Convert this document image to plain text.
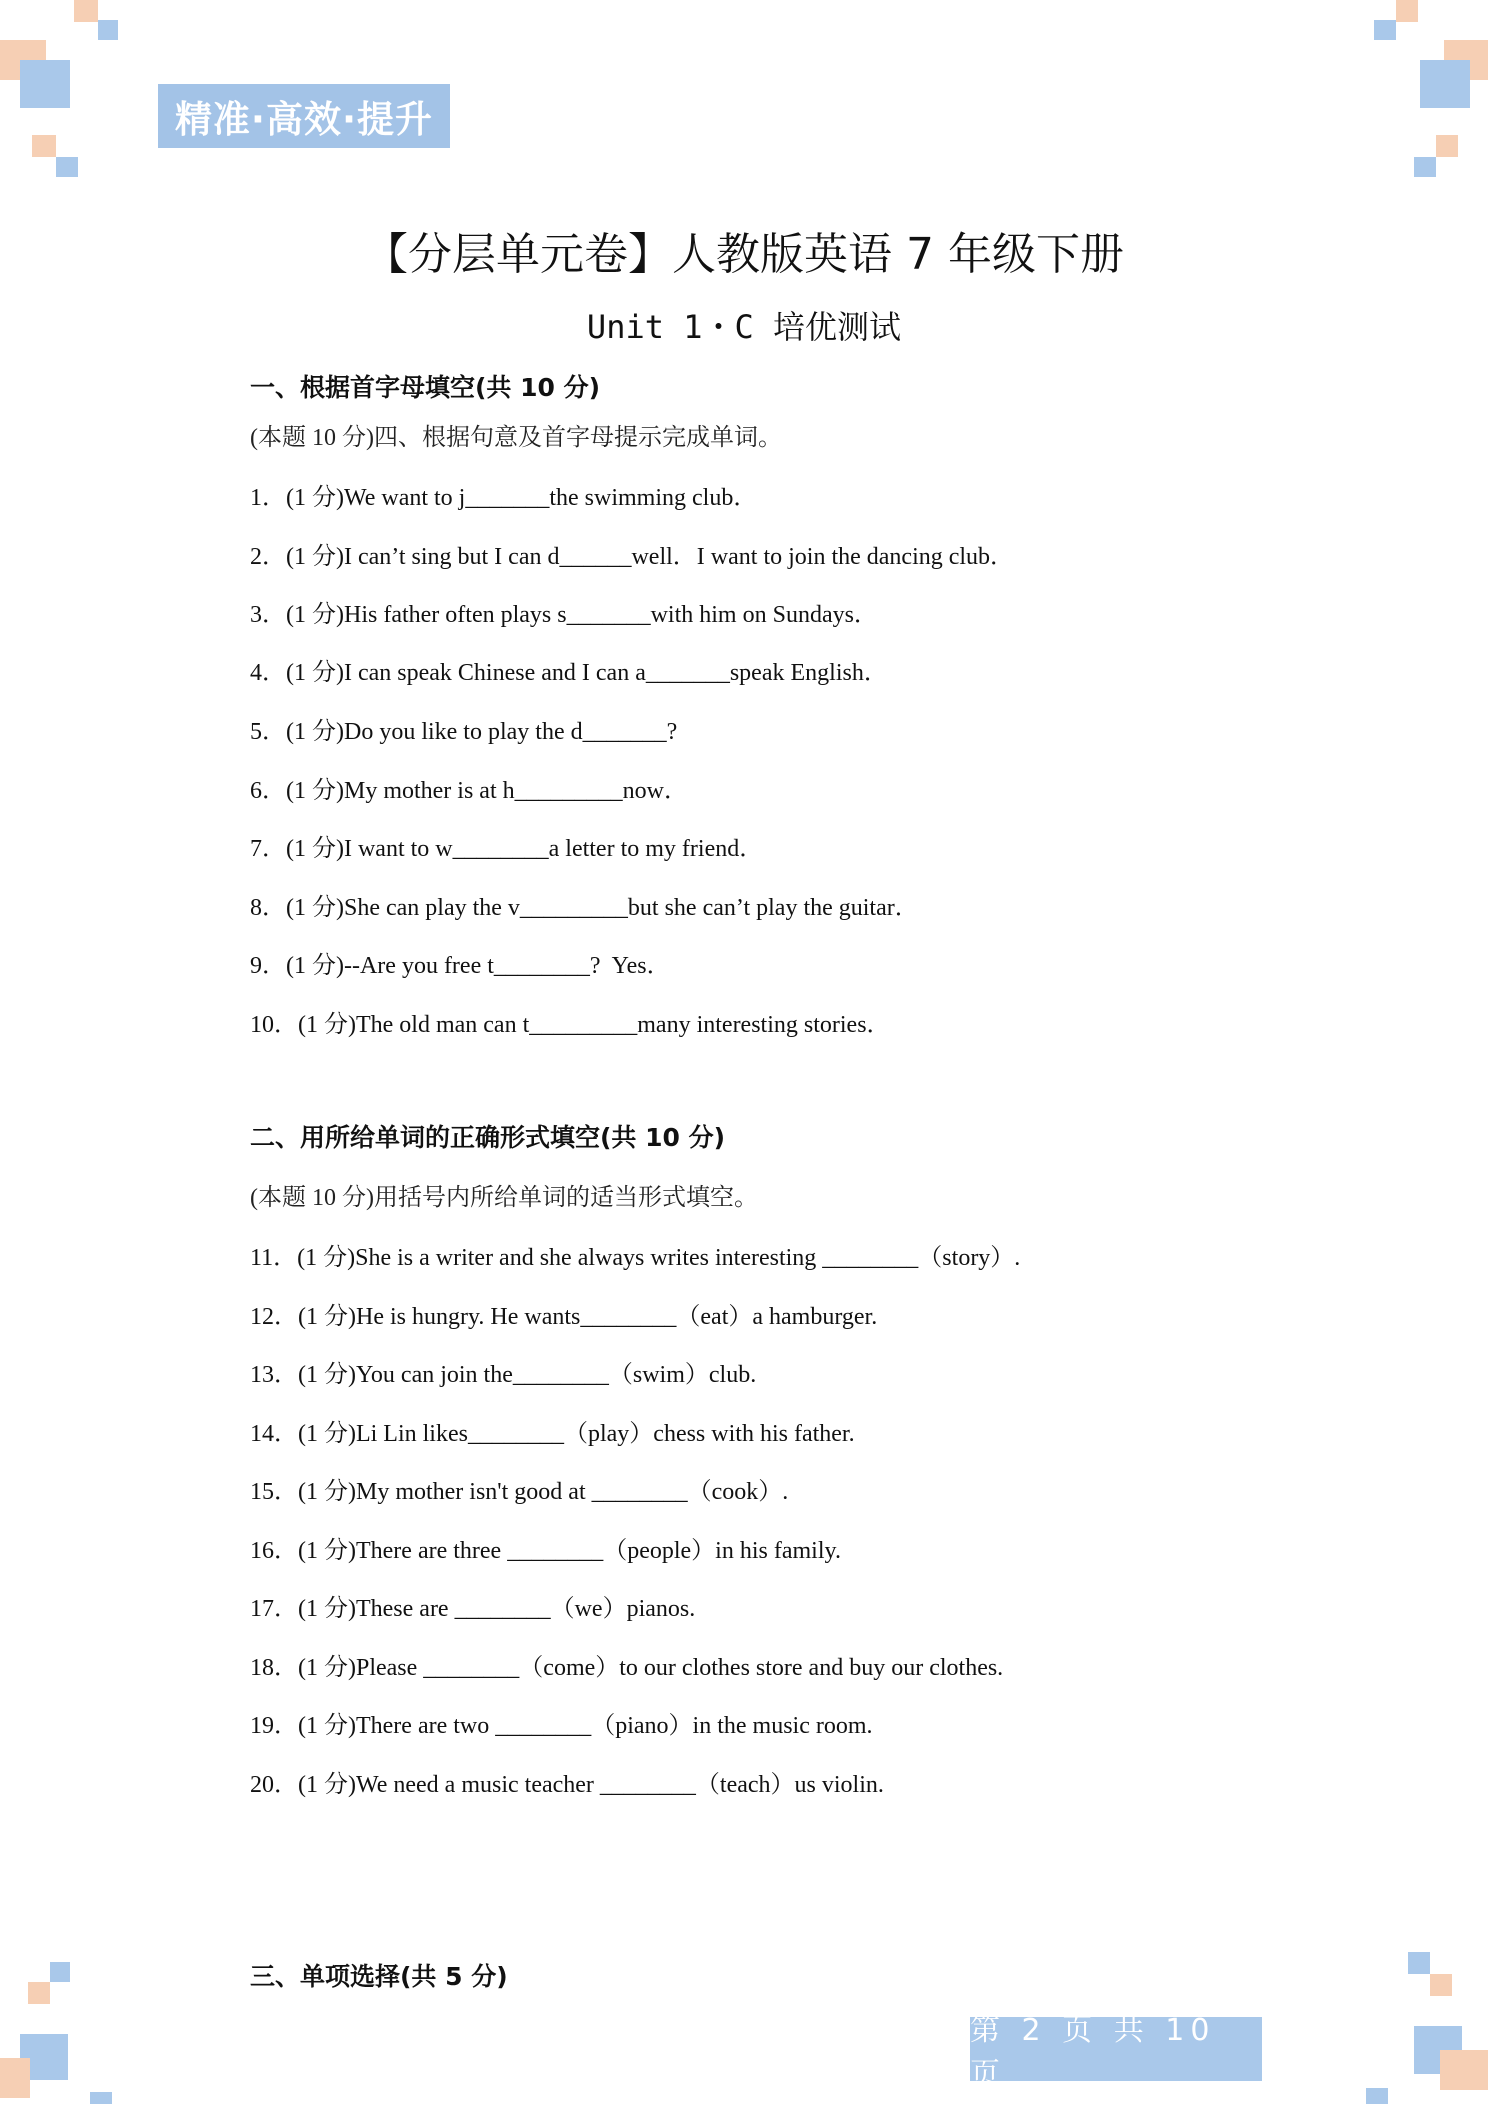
精准·高效·提升
【分层单元卷】人教版英语 7 年级下册
Unit 1・C 培优测试
一、根据首字母填空(共 10 分)
(本题 10 分)四、根据句意及首字母提示完成单词。
1．(1 分)We want to j_______the swimming club．
2．(1 分)I can’t sing but I can d______well．I want to join the dancing club．
3．(1 分)His father often plays s_______with him on Sundays．
4．(1 分)I can speak Chinese and I can a_______speak English．
5．(1 分)Do you like to play the d_______?
6．(1 分)My mother is at h_________now．
7．(1 分)I want to w________a letter to my friend．
8．(1 分)She can play the v_________but she can’t play the guitar．
9．(1 分)--Are you free t________?  Yes．
10．(1 分)The old man can t_________many interesting stories．
二、用所给单词的正确形式填空(共 10 分)
(本题 10 分)用括号内所给单词的适当形式填空。
11．(1 分)She is a writer and she always writes interesting ________（story）.
12．(1 分)He is hungry. He wants________（eat）a hamburger.
13．(1 分)You can join the________（swim）club.
14．(1 分)Li Lin likes________（play）chess with his father.
15．(1 分)My mother isn't good at ________（cook）.
16．(1 分)There are three ________（people）in his family.
17．(1 分)These are ________（we）pianos.
18．(1 分)Please ________（come）to our clothes store and buy our clothes.
19．(1 分)There are two ________（piano）in the music room.
20．(1 分)We need a music teacher ________（teach）us violin.
三、单项选择(共 5 分)
第 2 页 共 10 页
